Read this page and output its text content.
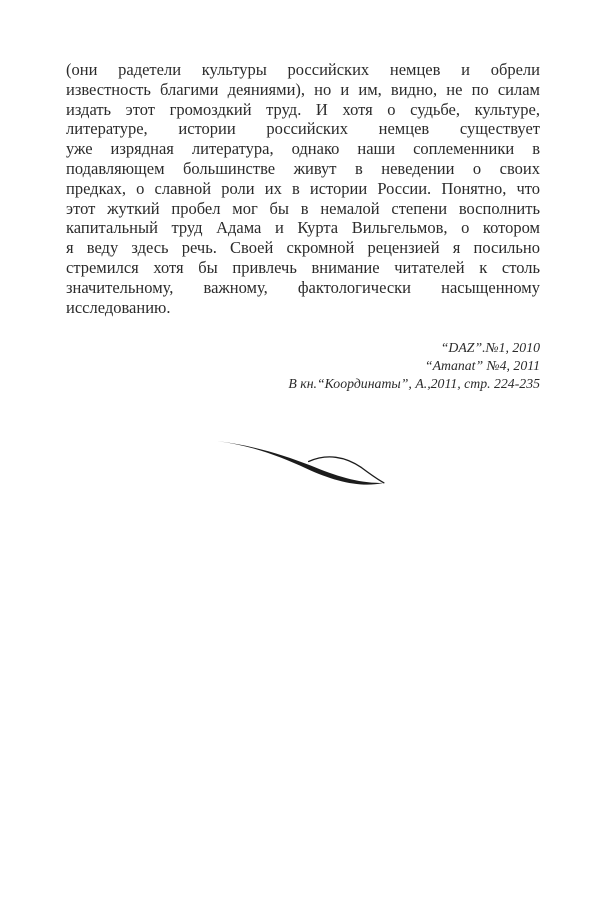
(они радетели культуры российских немцев и обрели
известность благими деяниями), но и им, видно, не по силам
издать этот громоздкий труд. И хотя о судьбе, культуре,
литературе, истории российских немцев существует
уже изрядная литература, однако наши соплеменники в
подавляющем большинстве живут в неведении о своих
предках, о славной роли их в истории России. Понятно, что
этот жуткий пробел мог бы в немалой степени восполнить
капитальный труд Адама и Курта Вильгельмов, о котором
я веду здесь речь. Своей скромной рецензией я посильно
стремился хотя бы привлечь внимание читателей к столь
значительному, важному, фактологически насыщенному
исследованию.
“DAZ”.№1, 2010
“Amanat” №4, 2011
В кн.“Координаты”, А.,2011, стр. 224-235
